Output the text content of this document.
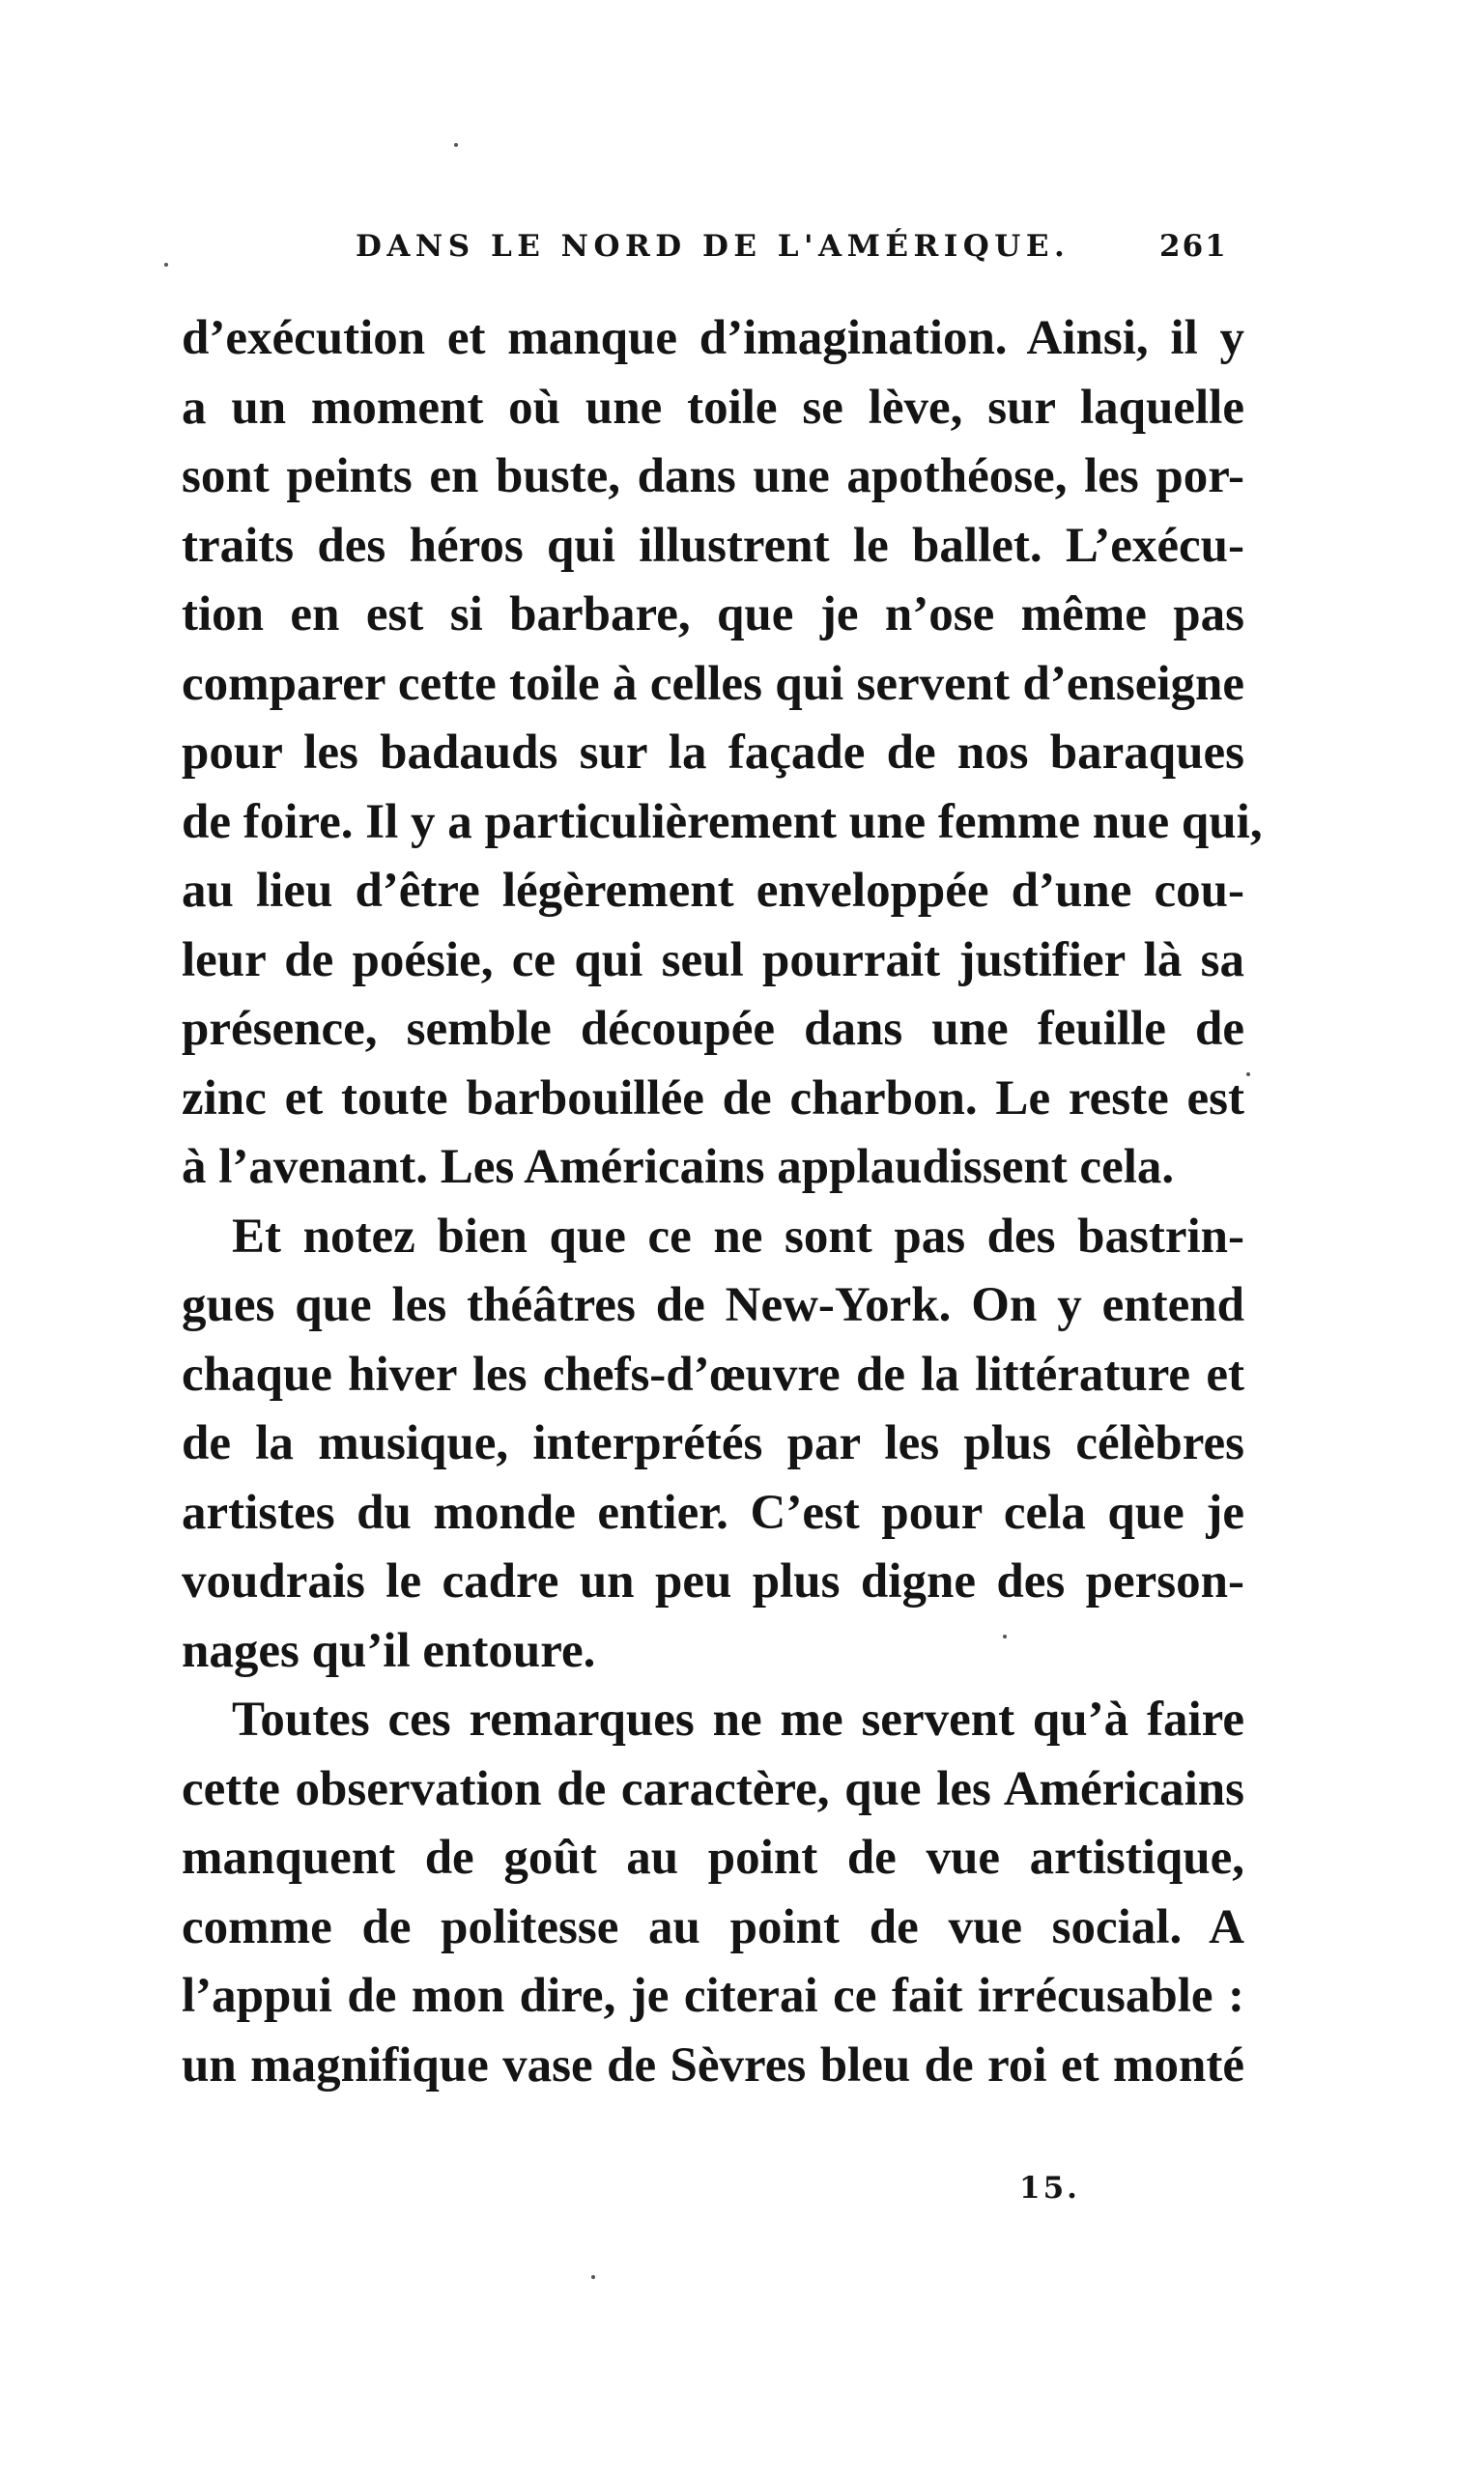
DANS LE NORD DE L'AMÉRIQUE.	261
d’exécution et manque d’imagination. Ainsi, il y
a un moment où une toile se lève, sur laquelle
sont peints en buste, dans une apothéose, les por-
traits des héros qui illustrent le ballet. L’exécu-
tion en est si barbare, que je n’ose même pas
comparer cette toile à celles qui servent d’enseigne
pour les badauds sur la façade de nos baraques
de foire. Il y a particulièrement une femme nue qui,
au lieu d’être légèrement enveloppée d’une cou-
leur de poésie, ce qui seul pourrait justifier là sa
présence, semble découpée dans une feuille de
zinc et toute barbouillée de charbon. Le reste est
à l’avenant. Les Américains applaudissent cela.
Et notez bien que ce ne sont pas des bastrin-
gues que les théâtres de New-York. On y entend
chaque hiver les chefs-d’œuvre de la littérature et
de la musique, interprétés par les plus célèbres
artistes du monde entier. C’est pour cela que je
voudrais le cadre un peu plus digne des person-
nages qu’il entoure.
Toutes ces remarques ne me servent qu’à faire
cette observation de caractère, que les Américains
manquent de goût au point de vue artistique,
comme de politesse au point de vue social. A
l’appui de mon dire, je citerai ce fait irrécusable :
un magnifique vase de Sèvres bleu de roi et monté
15.
